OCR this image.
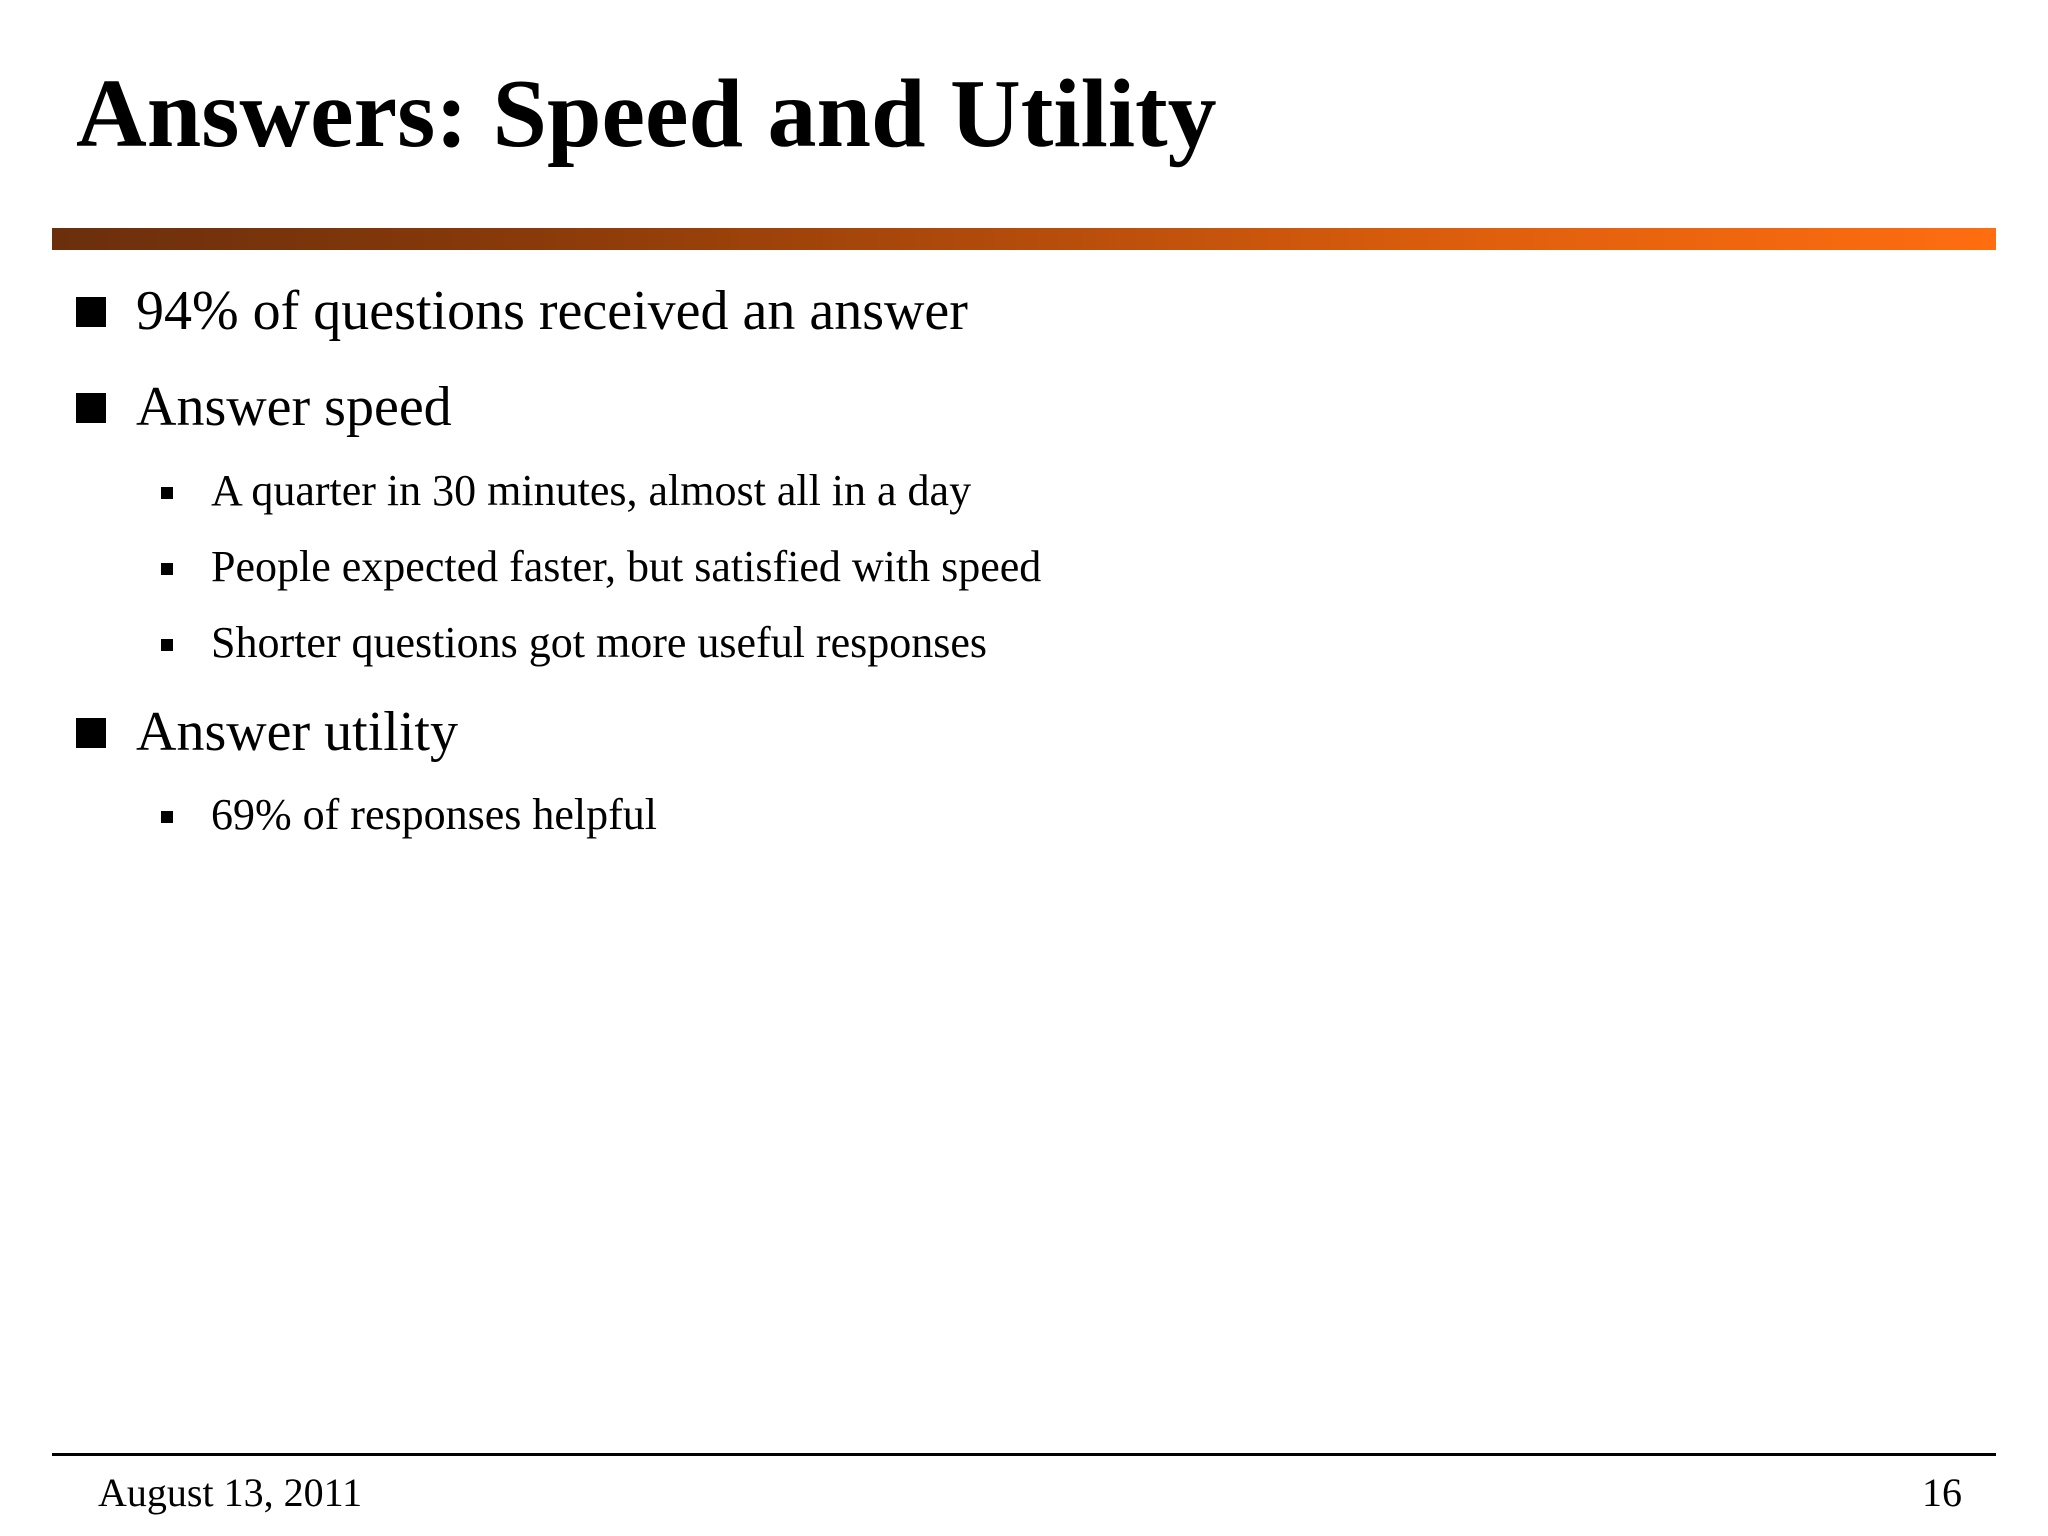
Answers: Speed and Utility
94% of questions received an answer
Answer speed
A quarter in 30 minutes, almost all in a day
People expected faster, but satisfied with speed
Shorter questions got more useful responses
Answer utility
69% of responses helpful
August 13, 2011	16
